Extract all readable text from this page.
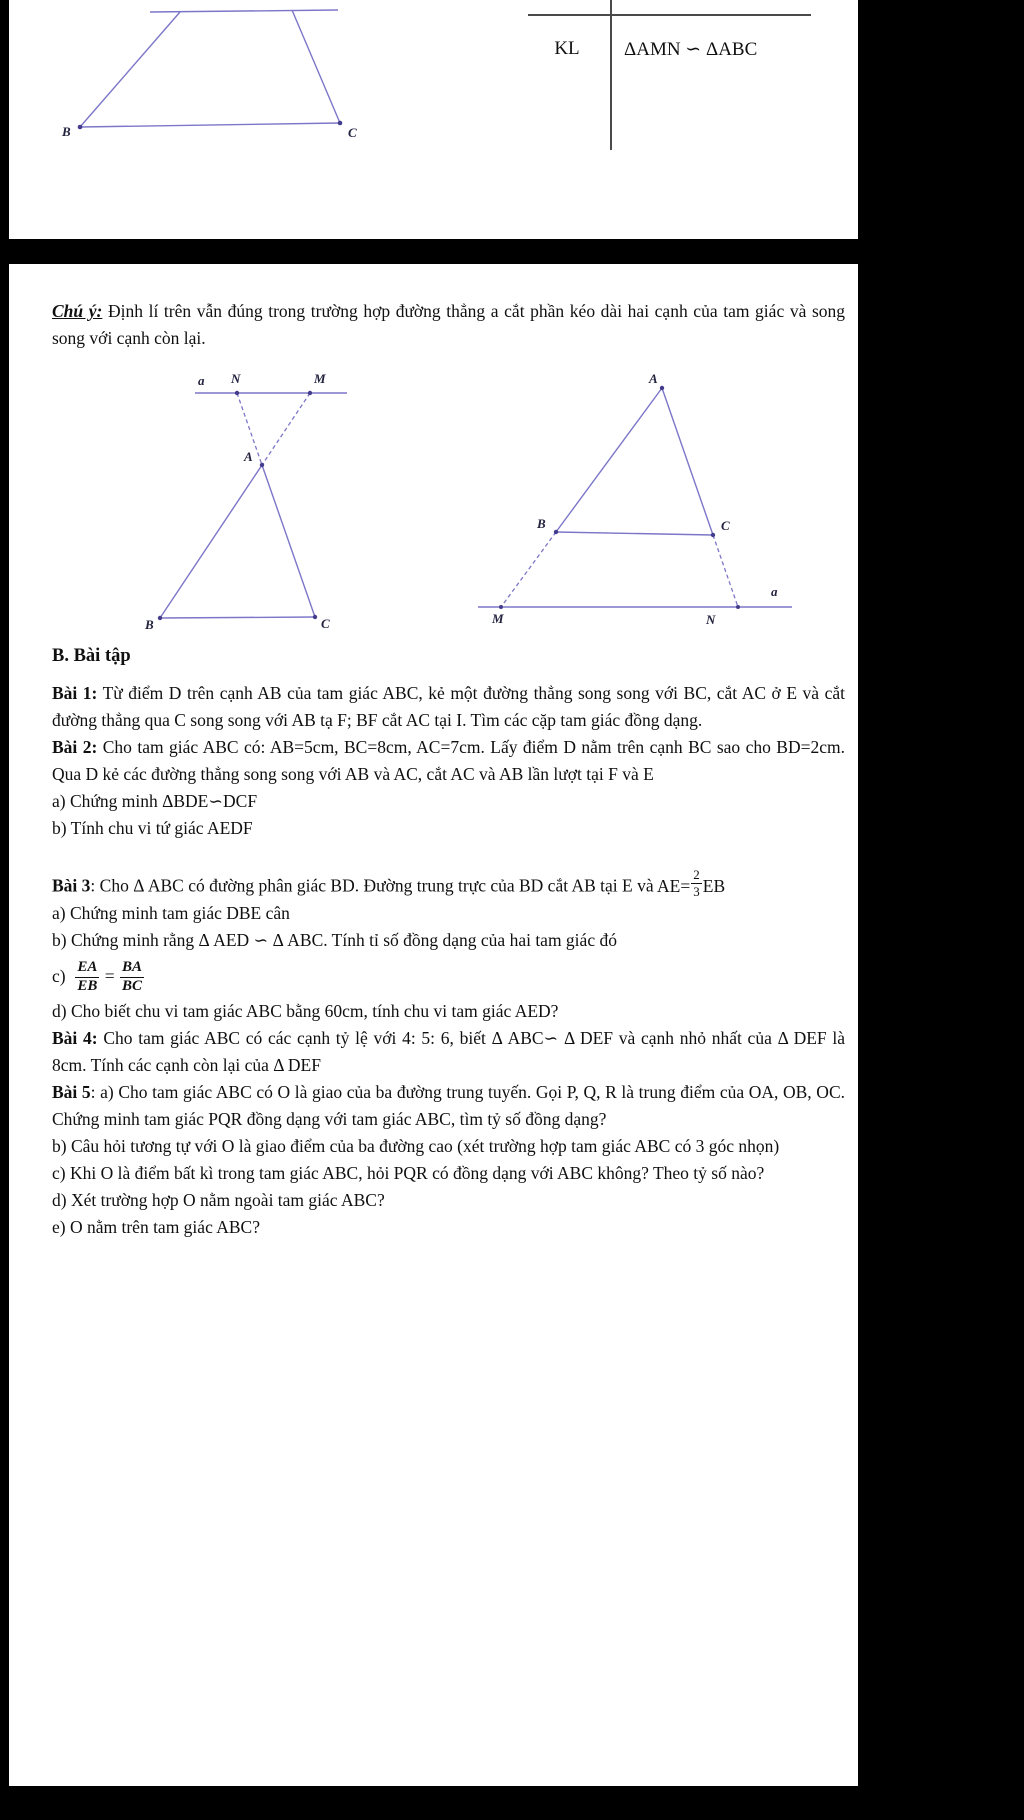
B	C
KL	ΔAMN ∽ ΔABC

Chú ý: Định lí trên vẫn đúng trong trường hợp đường thẳng a cắt phần kéo dài hai cạnh của tam giác và song song với cạnh còn lại.

a N	M
A
B	C
A
B	C
M	N
a
B. Bài tập

Bài 1: Từ điểm D trên cạnh AB của tam giác ABC, kẻ một đường thẳng song song với BC, cắt AC ở E và cắt đường thẳng qua C song song với AB tạ F; BF cắt AC tại I. Tìm các cặp tam giác đồng dạng.

Bài 2: Cho tam giác ABC có: AB=5cm, BC=8cm, AC=7cm. Lấy điểm D nằm trên cạnh BC sao cho BD=2cm. Qua D kẻ các đường thẳng song song với AB và AC, cắt AC và AB lần lượt tại F và E

a) Chứng minh ΔBDE∽DCF

b) Tính chu vi tứ giác AEDF

Bài 3: Cho Δ ABC có đường phân giác BD. Đường trung trực của BD cắt AB tại E và $AE= \frac{2}{3}$ EB

a) Chứng minh tam giác DBE cân

b) Chứng minh rằng Δ AED ∽ Δ ABC. Tính tỉ số đồng dạng của hai tam giác đó

$c) \frac{EA}{EB} = \frac{BA}{BC}$

d) Cho biết chu vi tam giác ABC bằng 60cm, tính chu vi tam giác AED?

Bài 4: Cho tam giác ABC có các cạnh tỷ lệ với 4: 5: 6, biết Δ ABC∽ Δ DEF và cạnh nhỏ nhất của Δ DEF là 8cm. Tính các cạnh còn lại của Δ DEF

Bài 5: a) Cho tam giác ABC có O là giao của ba đường trung tuyến. Gọi P, Q, R là trung điểm của OA, OB, OC. Chứng minh tam giác PQR đồng dạng với tam giác ABC, tìm tỷ số đồng dạng?

b) Câu hỏi tương tự với O là giao điểm của ba đường cao (xét trường hợp tam giác ABC có 3 góc nhọn)

c) Khi O là điểm bất kì trong tam giác ABC, hỏi PQR có đồng dạng với ABC không? Theo tỷ số nào?

d) Xét trường hợp O nằm ngoài tam giác ABC?

e) O nằm trên tam giác ABC?
